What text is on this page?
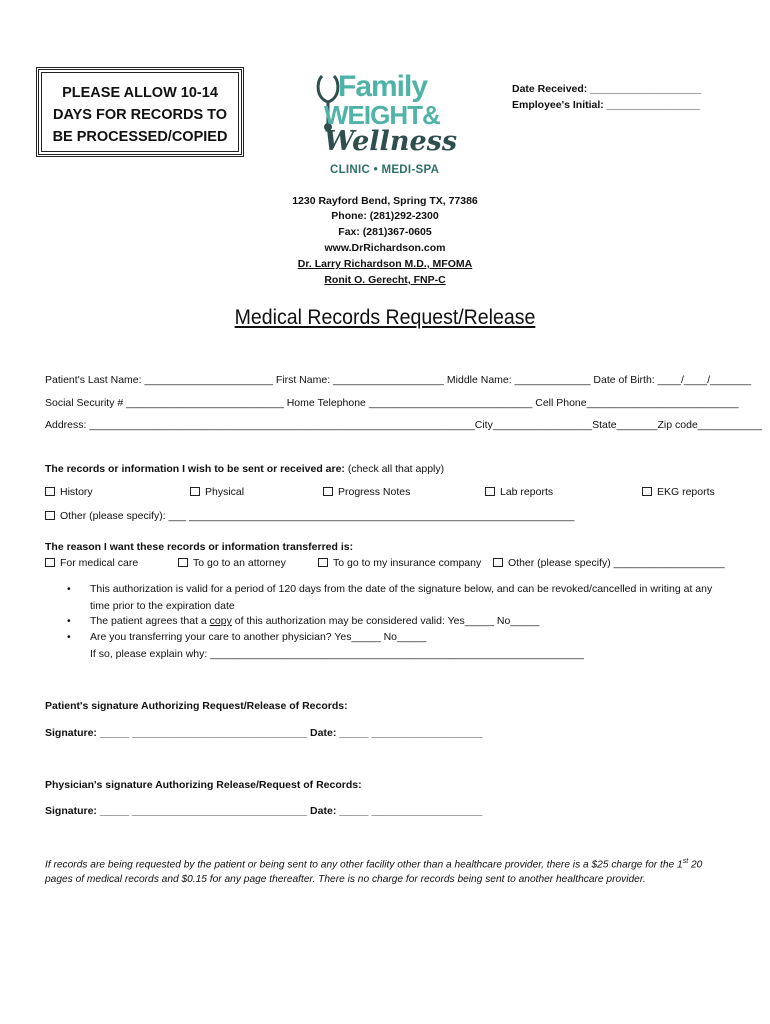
PLEASE ALLOW 10-14
DAYS FOR RECORDS TO
BE PROCESSED/COPIED
Family
WEIGHT&
Wellness
CLINIC • MEDI-SPA
Date Received: ___________________
Employee's Initial: ________________
1230 Rayford Bend, Spring TX, 77386
Phone: (281)292-2300
Fax: (281)367-0605
www.DrRichardson.com
Dr. Larry Richardson M.D., MFOMA
Ronit O. Gerecht, FNP-C
Medical Records Request/Release
Patient's Last Name: ______________________ First Name: ___________________ Middle Name: _____________ Date of Birth: ____/____/_______
Social Security # ___________________________ Home Telephone ____________________________ Cell Phone__________________________
Address: __________________________________________________________________City_________________State_______Zip code___________
The records or information I wish to be sent or received are: (check all that apply)
History	Physical	Progress Notes	Lab reports	EKG reports
Other (please specify): ___ __________________________________________________________________
The reason I want these records or information transferred is:
For medical care	To go to an attorney	To go to my insurance company	Other (please specify) ___________________
• This authorization is valid for a period of 120 days from the date of the signature below, and can be revoked/cancelled in writing at any
time prior to the expiration date
• The patient agrees that a copy of this authorization may be considered valid: Yes_____ No_____
• Are you transferring your care to another physician? Yes_____ No_____
If so, please explain why: ________________________________________________________________
Patient's signature Authorizing Request/Release of Records:
Signature: _____ ______________________________ Date: _____ ___________________
Physician's signature Authorizing Release/Request of Records:
Signature: _____ ______________________________ Date: _____ ___________________
If records are being requested by the patient or being sent to any other facility other than a healthcare provider, there is a $25 charge for the 1st 20
pages of medical records and $0.15 for any page thereafter. There is no charge for records being sent to another healthcare provider.
